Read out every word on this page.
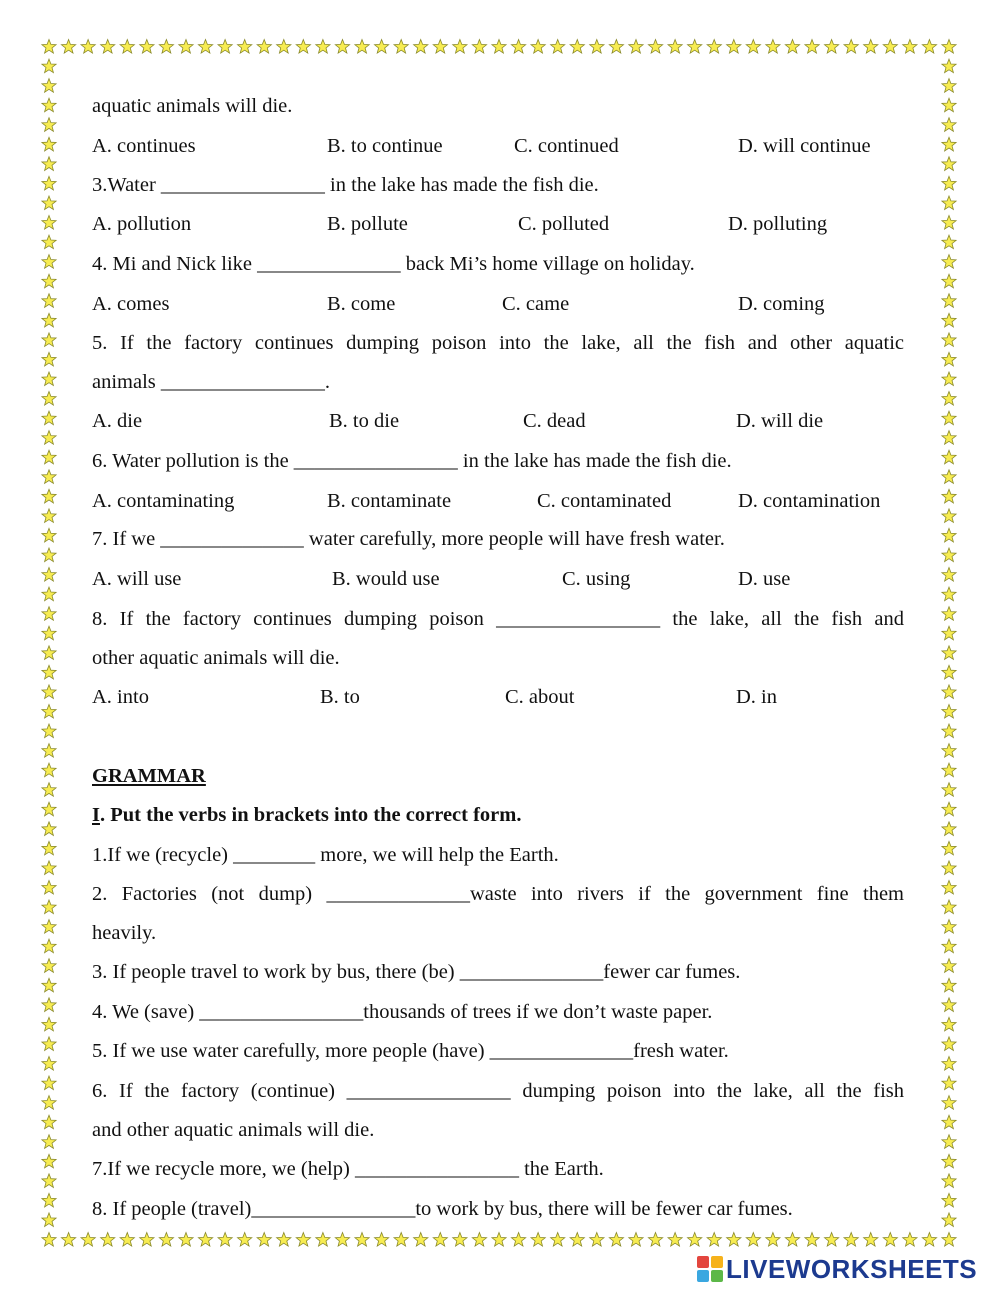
aquatic animals will die.
A. continues	B. to continue	C. continued	D. will continue
3.Water ________________ in the lake has made the fish die.
A. pollution	B. pollute	C. polluted	D. polluting
4. Mi and Nick like ______________ back Mi’s home village on holiday.
A. comes	B. come	C. came	D. coming
5. If the factory continues dumping poison into the lake, all the fish and other aquatic
animals ________________.
A. die	B. to die	C. dead	D. will die
6. Water pollution is the ________________ in the lake has made the fish die.
A. contaminating	B. contaminate	C. contaminated	D. contamination
7. If we ______________ water carefully, more people will have fresh water.
A. will use	B. would use	C. using	D. use
8. If the factory continues dumping poison ________________ the lake, all the fish and
other aquatic animals will die.
A. into	B. to	C. about	D. in
GRAMMAR
I. Put the verbs in brackets into the correct form.
1.If we (recycle) ________ more, we will help the Earth.
2. Factories (not dump) ______________waste into rivers if the government fine them
heavily.
3. If people travel to work by bus, there (be) ______________fewer car fumes.
4. We (save) ________________thousands of trees if we don’t waste paper.
5. If we use water carefully, more people (have) ______________fresh water.
6. If the factory (continue) ________________ dumping poison into the lake, all the fish
and other aquatic animals will die.
7.If we recycle more, we (help) ________________ the Earth.
8. If people (travel)________________to work by bus, there will be fewer car fumes.
LIVEWORKSHEETS
